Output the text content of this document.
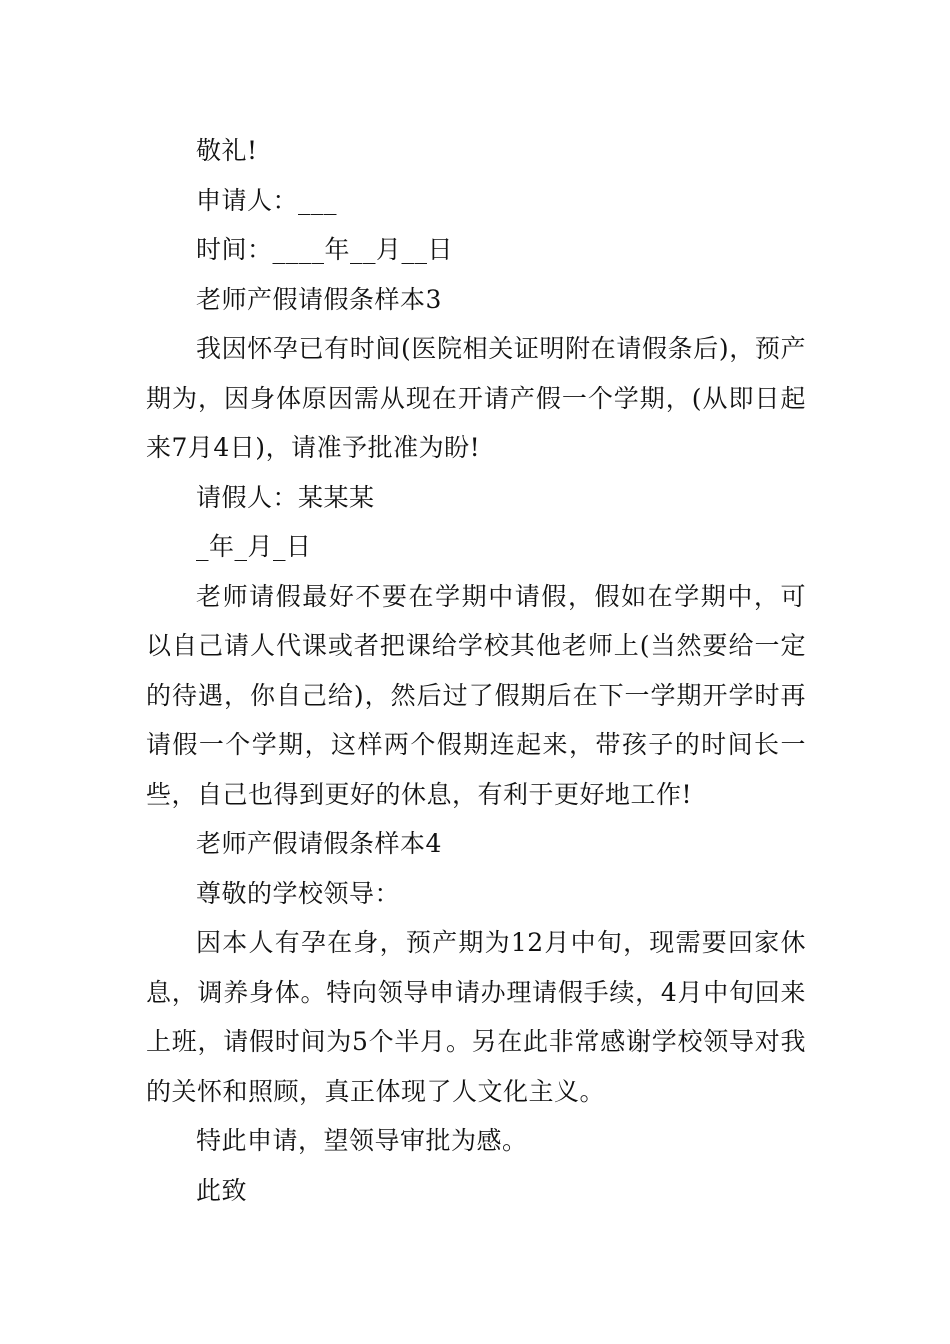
敬礼!

申请人：___

时间：____年__月__日

老师产假请假条样本3

我因怀孕已有时间(医院相关证明附在请假条后)，预产期为，因身体原因需从现在开请产假一个学期，(从即日起来7月4日)，请准予批准为盼!

请假人：某某某

_年_月_日

老师请假最好不要在学期中请假，假如在学期中，可以自己请人代课或者把课给学校其他老师上(当然要给一定的待遇，你自己给)，然后过了假期后在下一学期开学时再请假一个学期，这样两个假期连起来，带孩子的时间长一些，自己也得到更好的休息，有利于更好地工作!

老师产假请假条样本4

尊敬的学校领导：

因本人有孕在身，预产期为12月中旬，现需要回家休息，调养身体。特向领导申请办理请假手续，4月中旬回来上班，请假时间为5个半月。另在此非常感谢学校领导对我的关怀和照顾，真正体现了人文化主义。

特此申请，望领导审批为感。

此致
